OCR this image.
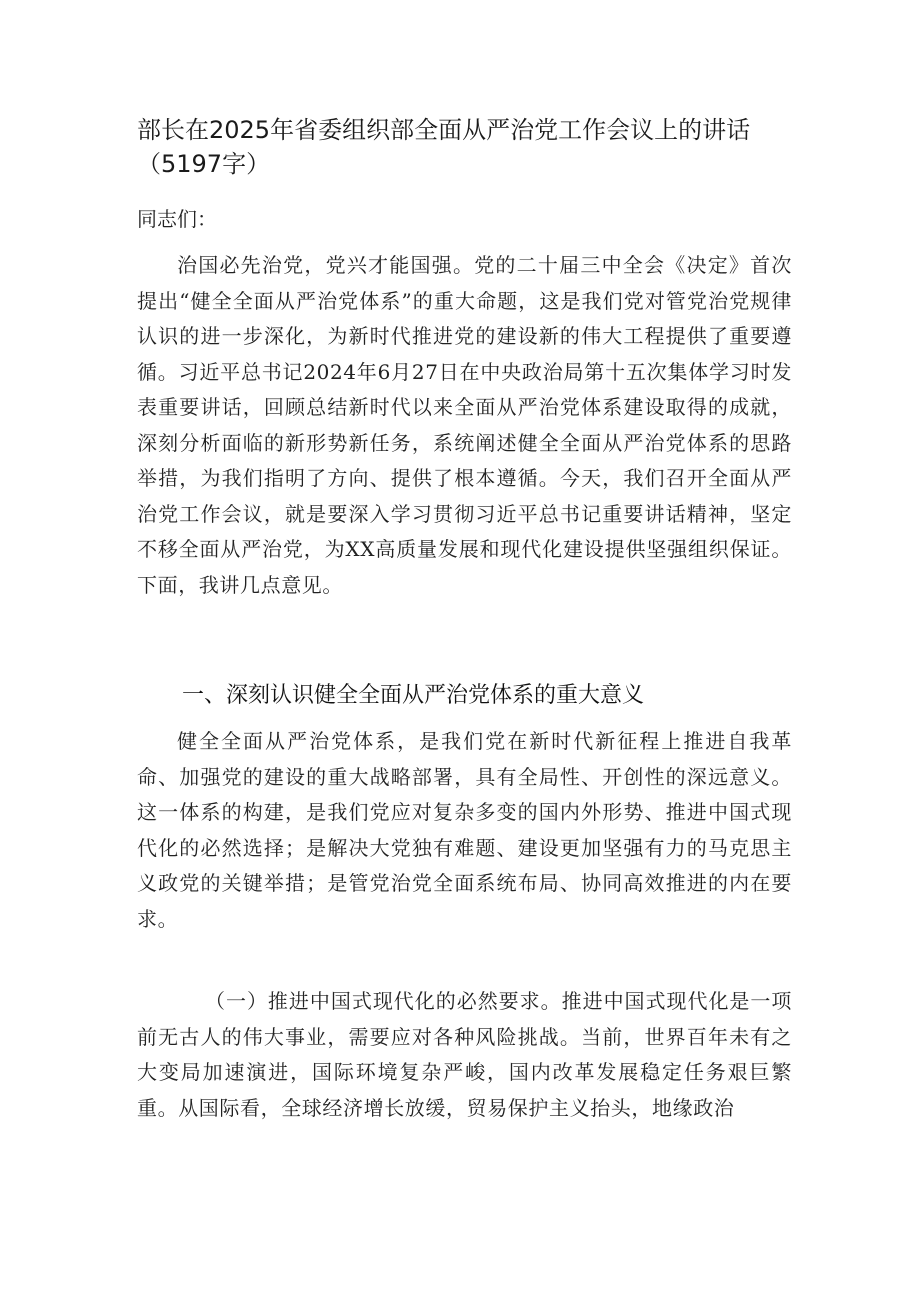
部长在2025年省委组织部全面从严治党工作会议上的讲话（5197字）

同志们：

治国必先治党，党兴才能国强。党的二十届三中全会《决定》首次提出“健全全面从严治党体系”的重大命题，这是我们党对管党治党规律认识的进一步深化，为新时代推进党的建设新的伟大工程提供了重要遵循。习近平总书记2024年6月27日在中央政治局第十五次集体学习时发表重要讲话，回顾总结新时代以来全面从严治党体系建设取得的成就，深刻分析面临的新形势新任务，系统阐述健全全面从严治党体系的思路举措，为我们指明了方向、提供了根本遵循。今天，我们召开全面从严治党工作会议，就是要深入学习贯彻习近平总书记重要讲话精神，坚定不移全面从严治党，为XX高质量发展和现代化建设提供坚强组织保证。下面，我讲几点意见。

一、深刻认识健全全面从严治党体系的重大意义

健全全面从严治党体系，是我们党在新时代新征程上推进自我革命、加强党的建设的重大战略部署，具有全局性、开创性的深远意义。这一体系的构建，是我们党应对复杂多变的国内外形势、推进中国式现代化的必然选择；是解决大党独有难题、建设更加坚强有力的马克思主义政党的关键举措；是管党治党全面系统布局、协同高效推进的内在要求。

（一）推进中国式现代化的必然要求。推进中国式现代化是一项前无古人的伟大事业，需要应对各种风险挑战。当前，世界百年未有之大变局加速演进，国际环境复杂严峻，国内改革发展稳定任务艰巨繁重。从国际看，全球经济增长放缓，贸易保护主义抬头，地缘政治
